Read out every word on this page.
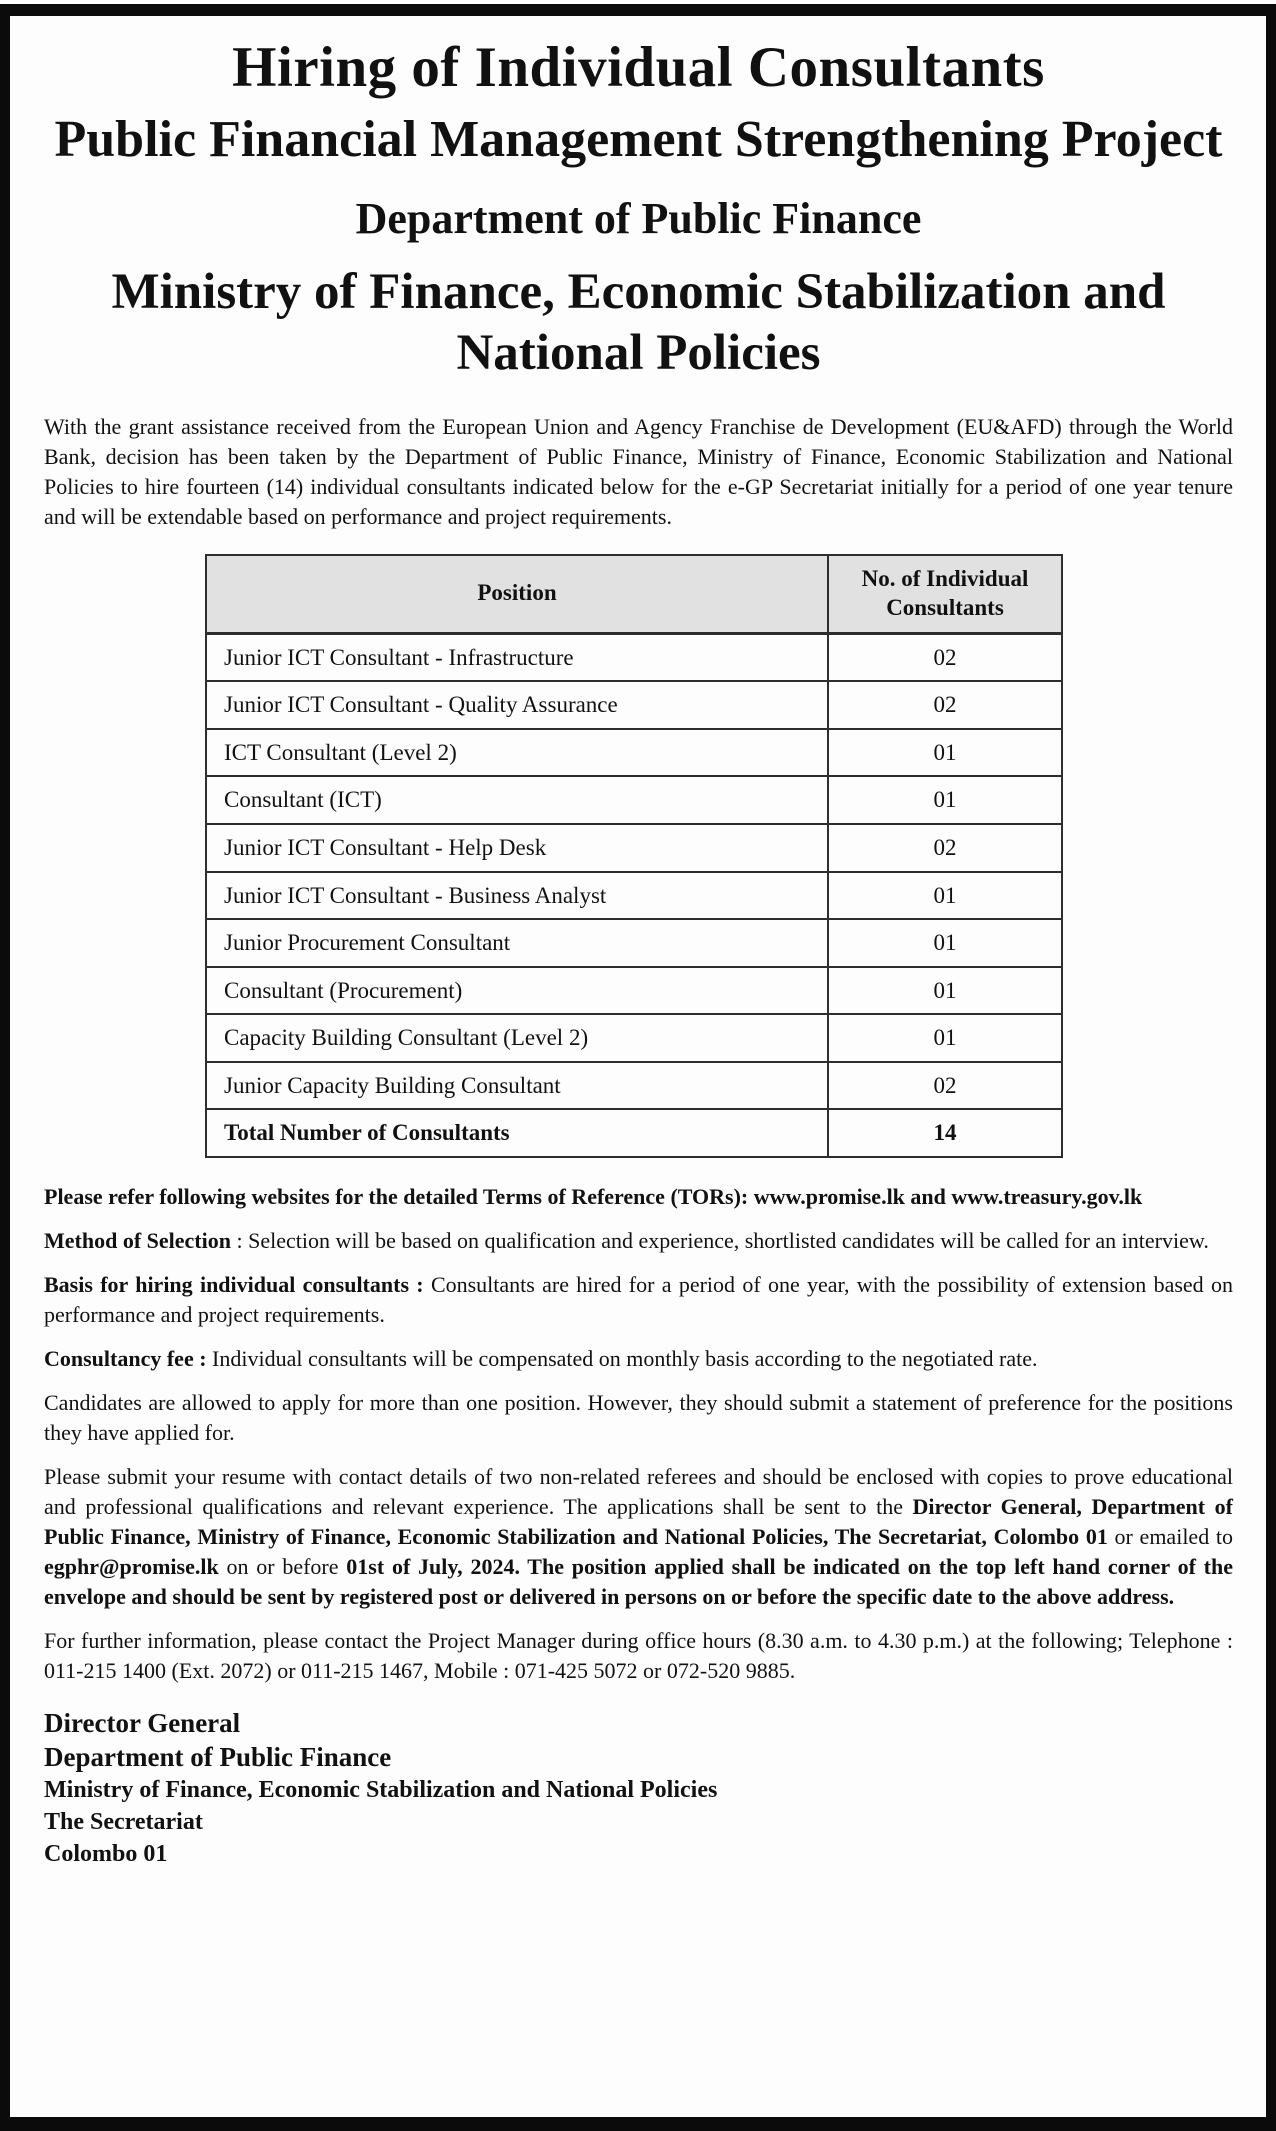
Hiring of Individual Consultants
Public Financial Management Strengthening Project
Department of Public Finance
Ministry of Finance, Economic Stabilization and National Policies

With the grant assistance received from the European Union and Agency Franchise de Development (EU&AFD) through the World Bank, decision has been taken by the Department of Public Finance, Ministry of Finance, Economic Stabilization and National Policies to hire fourteen (14) individual consultants indicated below for the e-GP Secretariat initially for a period of one year tenure and will be extendable based on performance and project requirements.

Position	No. of Individual Consultants
Junior ICT Consultant - Infrastructure	02
Junior ICT Consultant - Quality Assurance	02
ICT Consultant (Level 2)	01
Consultant (ICT)	01
Junior ICT Consultant - Help Desk	02
Junior ICT Consultant - Business Analyst	01
Junior Procurement Consultant	01
Consultant (Procurement)	01
Capacity Building Consultant (Level 2)	01
Junior Capacity Building Consultant	02
Total Number of Consultants	14

Please refer following websites for the detailed Terms of Reference (TORs): www.promise.lk and www.treasury.gov.lk

Method of Selection : Selection will be based on qualification and experience, shortlisted candidates will be called for an interview.

Basis for hiring individual consultants : Consultants are hired for a period of one year, with the possibility of extension based on performance and project requirements.

Consultancy fee : Individual consultants will be compensated on monthly basis according to the negotiated rate.

Candidates are allowed to apply for more than one position. However, they should submit a statement of preference for the positions they have applied for.

Please submit your resume with contact details of two non-related referees and should be enclosed with copies to prove educational and professional qualifications and relevant experience. The applications shall be sent to the Director General, Department of Public Finance, Ministry of Finance, Economic Stabilization and National Policies, The Secretariat, Colombo 01 or emailed to egphr@promise.lk on or before 01st of July, 2024. The position applied shall be indicated on the top left hand corner of the envelope and should be sent by registered post or delivered in persons on or before the specific date to the above address.

For further information, please contact the Project Manager during office hours (8.30 a.m. to 4.30 p.m.) at the following; Telephone : 011-215 1400 (Ext. 2072) or 011-215 1467, Mobile : 071-425 5072 or 072-520 9885.

Director General
Department of Public Finance
Ministry of Finance, Economic Stabilization and National Policies
The Secretariat
Colombo 01
